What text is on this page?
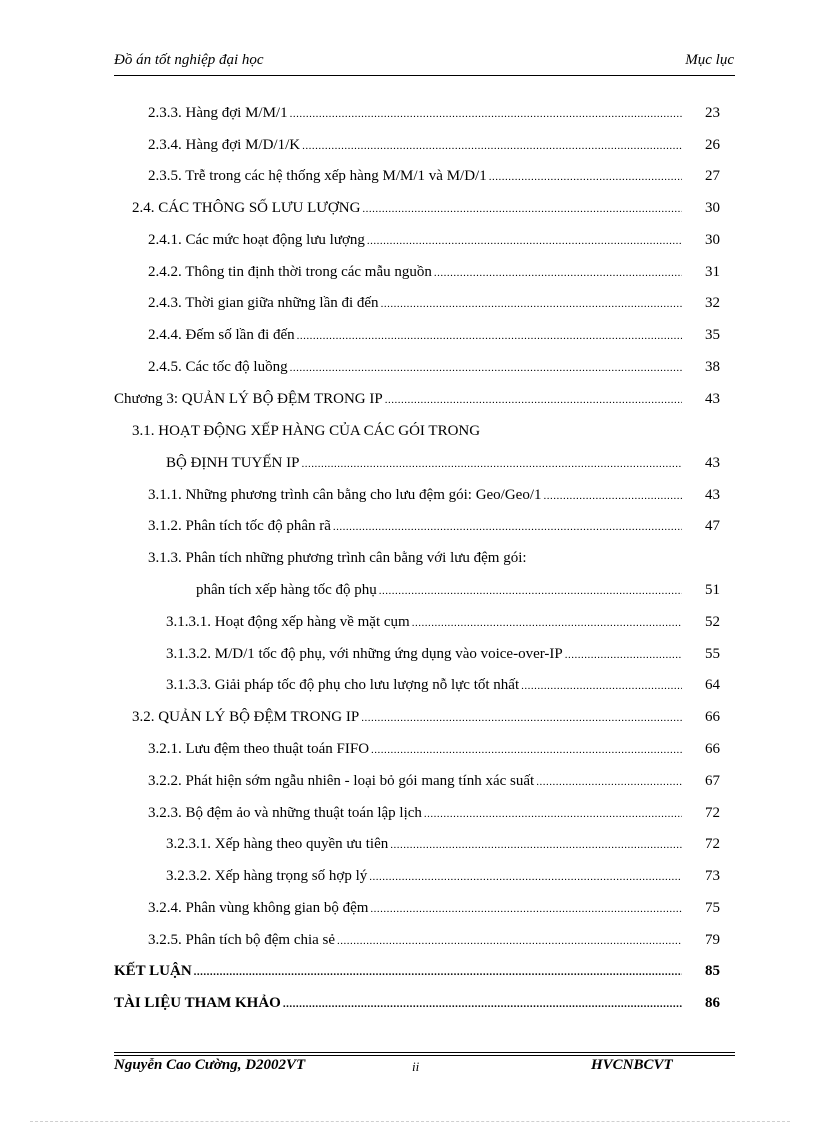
Đồ án tốt nghiệp đại học	Mục lục
2.3.3. Hàng đợi M/M/1 .....	23
2.3.4. Hàng đợi M/D/1/K .....	26
2.3.5. Trễ trong các hệ thống xếp hàng M/M/1 và M/D/1 .....	27
2.4. CÁC THÔNG SỐ LƯU LƯỢNG .....	30
2.4.1. Các mức hoạt động lưu lượng .....	30
2.4.2. Thông tin định thời trong các mẫu nguồn .....	31
2.4.3. Thời gian giữa những lần đi đến .....	32
2.4.4. Đếm số lần đi đến .....	35
2.4.5. Các tốc độ luồng .....	38
Chương 3: QUẢN LÝ BỘ ĐỆM TRONG IP .....	43
3.1. HOẠT ĐỘNG XẾP HÀNG CỦA CÁC GÓI TRONG
BỘ ĐỊNH TUYẾN IP .....	43
3.1.1. Những phương trình cân bằng cho lưu đệm gói: Geo/Geo/1 .....	43
3.1.2. Phân tích tốc độ phân rã .....	47
3.1.3. Phân tích những phương trình cân bằng với lưu đệm gói:
phân tích xếp hàng tốc độ phụ .....	51
3.1.3.1. Hoạt động xếp hàng về mặt cụm .....	52
3.1.3.2. M/D/1 tốc độ phụ, với những ứng dụng vào voice-over-IP .....	55
3.1.3.3. Giải pháp tốc độ phụ cho lưu lượng nỗ lực tốt nhất .....	64
3.2. QUẢN LÝ BỘ ĐỆM TRONG IP .....	66
3.2.1. Lưu đệm theo thuật toán FIFO .....	66
3.2.2. Phát hiện sớm ngẫu nhiên - loại bỏ gói mang tính xác suất .....	67
3.2.3. Bộ đệm ảo và những thuật toán lập lịch .....	72
3.2.3.1. Xếp hàng theo quyền ưu tiên .....	72
3.2.3.2. Xếp hàng trọng số hợp lý .....	73
3.2.4. Phân vùng không gian bộ đệm .....	75
3.2.5. Phân tích bộ đệm chia sẻ .....	79
KẾT LUẬN .....	85
TÀI LIỆU THAM KHẢO .....	86
Nguyễn Cao Cường, D2002VT	ii	HVCNBCVT
